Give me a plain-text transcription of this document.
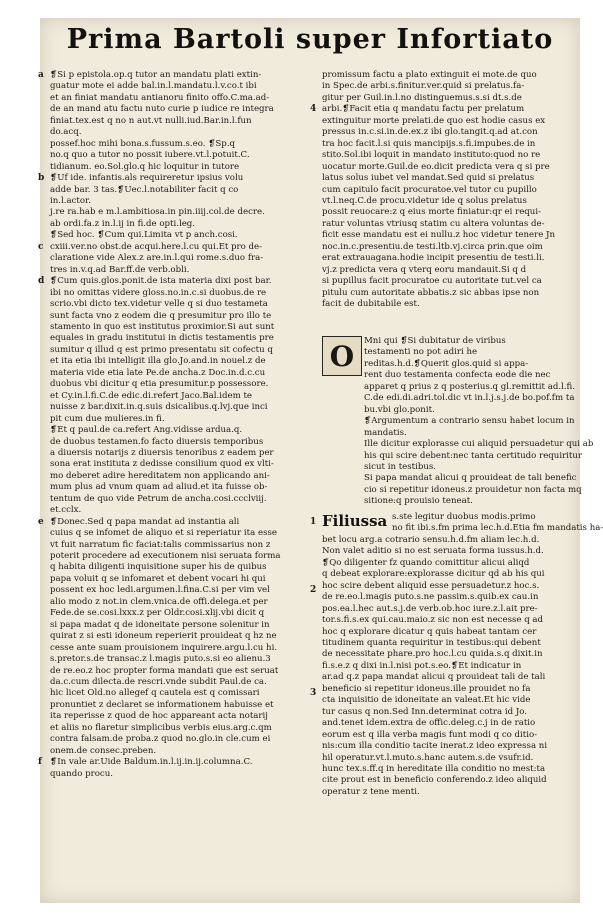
Prima Bartoli super Infortiato
a
b
c
d
e
f
1
2
3
4
❡Si p epistola.op.q tutor an mandatu plati extin-
guatur mote ei adde bal.in.l.mandatu.l.v.co.t ibi
et an finiat mandatu antianoru finito offo.C.ma.ad-
de an mand atu factu nuto curie p iudice re integra
finiat.tex.est q no n aut.vt nulli.iud.Bar.in.l.fun
do.acq.
possef.hoc mihi bona.s.fussum.s.eo. ❡Sp.q
no.q quo a tutor no possit iubere.vt.l.potuit.C.
tidianum. eo.Sol.glo.q hic loquitur in tutore
❡Uf ide. infantis.als requireretur ipsius volu
adde bar. 3 tas.❡Uec.l.notabiliter facit q co
in.l.actor.
j.re ra.hab e m.l.ambitiosa.in pin.iiij.col.de decre.
ab ordi.fa.z in.l.ij in fi.de opti.leg.
❡Sed hoc. ❡Cum qui.Limita vt p anch.cosi.
cxiii.ver.no obst.de acqui.here.l.cu qui.Et pro de-
claratione vide Alex.z are.in.l.qui rome.s.duo fra-
tres in.v.q.ad Bar.ff.de verb.obli.
❡Cum quis.glos.ponit.de ista materia dixi post bar.
ibi no omittas videre gloss.no.in.c.si duobus.de re
scrio.vbi dicto tex.videtur velle q si duo testameta
sunt facta vno z eodem die q presumitur pro illo te
stamento in quo est institutus proximior.Si aut sunt
equales in gradu institutui in dictis testamentis pre
sumitur q illud q est primo presentatu sit cofectu q
et ita etia ibi intelligit illa glo.Jo.and.in nouel.z de
materia vide etia late Pe.de ancha.z Doc.in.d.c.cu
duobus vbi dicitur q etia presumitur.p possessore.
et Cy.in.l.fi.C.de edic.di.refert Jaco.Bal.idem te
nuisse z bar.dixit.in.q.suis dsicalibus.q.lvj.que inci
pit cum due mulieres.in fi.
❡Et q paul.de ca.refert Ang.vidisse ardua.q.
de duobus testamen.fo facto diuersis temporibus
a diuersis notarijs z diuersis tenoribus z eadem per
sona erat instituta z dedisse consilium quod ex vlti-
mo deberet adire hereditatem non applicando ani-
mum plus ad vnum quam ad aliud.et ita fuisse ob-
tentum de quo vide Petrum de ancha.cosi.ccclviij.
et.cclx.
❡Donec.Sed q papa mandat ad instantia ali
cuius q se infomet de aliquo et si reperiatur ita esse
vt fuit narratum fic faciat:talis commissarius non z
poterit procedere ad executionem nisi seruata forma
q habita diligenti inquisitione super his de quibus
papa voluit q se infomaret et debent vocari hi qui
possent ex hoc ledi.argumen.l.fina.C.si per vim vel
alio modo z not.in clem.vnica.de offi.delega.et per
Fede.de se.cosi.lxxx.z per Oldr.cosi.xlij.vbi dicit q
si papa madat q de idoneitate persone solenitur in
quirat z si esti idoneum reperierit prouideat q hz ne
cesse ante suam prouisionem inquirere.argu.l.cu hi.
s.pretor.s.de transac.z l.magis puto.s.si eo alienu.3
de re.eo.z hoc propter forma mandati que est seruat
da.c.cum dilecta.de rescri.vnde subdit Paul.de ca.
hic licet Old.no allegef q cautela est q comissari
pronuntiet z declaret se informationem habuisse et
ita reperisse z quod de hoc appareant acta notarij
et aliis no flaretur simplicibus verbis eius.arg.c.qm
contra falsam.de proba.z quod no.glo.in cle.cum ei
onem.de consec.preben.
❡In vale ar.Uide Baldum.in.l.ij.in.ij.columna.C.
quando procu.
promissum factu a plato extinguit ei mote.de quo
in Spec.de arbi.s.finitur.ver.quid si prelatus.fa-
gitur per Guil.in.l.no distinguemus.s.si dt.s.de
arbi.❡Facit etia q mandatu factu per prelatum
extinguitur morte prelati.de quo est hodie casus ex
pressus in.c.si.in.de.ex.z ibi glo.tangit.q.ad at.con
tra hoc facit.l.si quis mancipijs.s.fi.impubes.de in
stito.Sol.ibi loquit in mandato instituto:quod no re
uocatur morte.Guil.de eo.dicit predicta vera q si pre
latus solus iubet vel mandat.Sed quid si prelatus
cum capitulo facit procuratoe.vel tutor cu pupillo
vt.l.neq.C.de procu.videtur ide q solus prelatus
possit reuocare:z q eius morte finiatur:qr ei requi-
ratur voluntas vtriusq statim cu altera voluntas de-
ficit esse mandatu est ei nullu.z hoc videtur tenere Jn
noc.in.c.presentiu.de testi.ltb.vj.circa prin.que oim
erat extrauagana.hodie incipit presentiu de testi.li.
vj.z predicta vera q vterq eoru mandauit.Si q d
si pupillus facit procuratoe cu autoritate tut.vel ca
pitulu cum autoritate abbatis.z sic abbas ipse non
facit de dubitabile est.
O Mni qui ❡Si dubitatur de viribus
testamenti no pot adiri he
reditas.h.d.❡Querit glos.quid si appa-
rent duo testamenta confecta eode die nec
apparet q prius z q posterius.q gl.remittit ad.l.fi.
C.de edi.di.adri.tol.dic vt in.l.j.s.j.de bo.pof.fm ta
bu.vbi glo.ponit.
❡Argumentum a contrario sensu habet locum in
mandatis.
Ille dicitur explorasse cui aliquid persuadetur qui ab
his qui scire debent:nec tanta certitudo requiritur
sicut in testibus.
Si papa mandat alicui q prouideat de tali benefic
cio si repetitur idoneus.z prouidetur non facta mq
sitione:q prouisio teneat.
Filiussa s.ste legitur duobus modis.primo
no fit ibi.s.fm prima lec.h.d.Etia fm mandatis ha-
bet locu arg.a cotrario sensu.h.d.fm aliam lec.h.d.
Non valet aditio si no est seruata forma iussus.h.d.
❡Qo diligenter fz quando comittitur alicui aliqd
q debeat explorare:explorasse dicitur qd ab his qui
hoc scire debent aliquid esse persuadetur.z hoc.s.
de re.eo.l.magis puto.s.ne passim.s.quib.ex cau.in
pos.ea.l.hec aut.s.j.de verb.ob.hoc iure.z.l.ait pre-
tor.s.fi.s.ex qui.cau.maio.z sic non est necesse q ad
hoc q explorare dicatur q quis habeat tantam cer
titudinem quanta requiritur in testibus:qui debent
de necessitate phare.pro hoc.l.cu quida.s.q dixit.in
fi.s.e.z q dixi in.l.nisi pot.s.eo.❡Et indicatur in
ar.ad q.z papa mandat alicui q prouideat tali de tali
beneficio si repetitur idoneus.ille prouidet no fa
cta inquisitio de idoneitate an valeat.Et hic vide
tur casus q non.Sed Inn.determinat cotra id Jo.
and.tenet idem.extra de offic.deleg.c.j in de ratio
eorum est q illa verba magis funt modi q co ditio-
nis:cum illa conditio tacite inerat.z ideo expressa ni
hil operatur.vt.l.muto.s.hanc autem.s.de vsufr.id.
hunc tex.s.ff.q in hereditate illa conditio no mest:ta
cite prout est in beneficio conferendo.z ideo aliquid
operatur z tene menti.
